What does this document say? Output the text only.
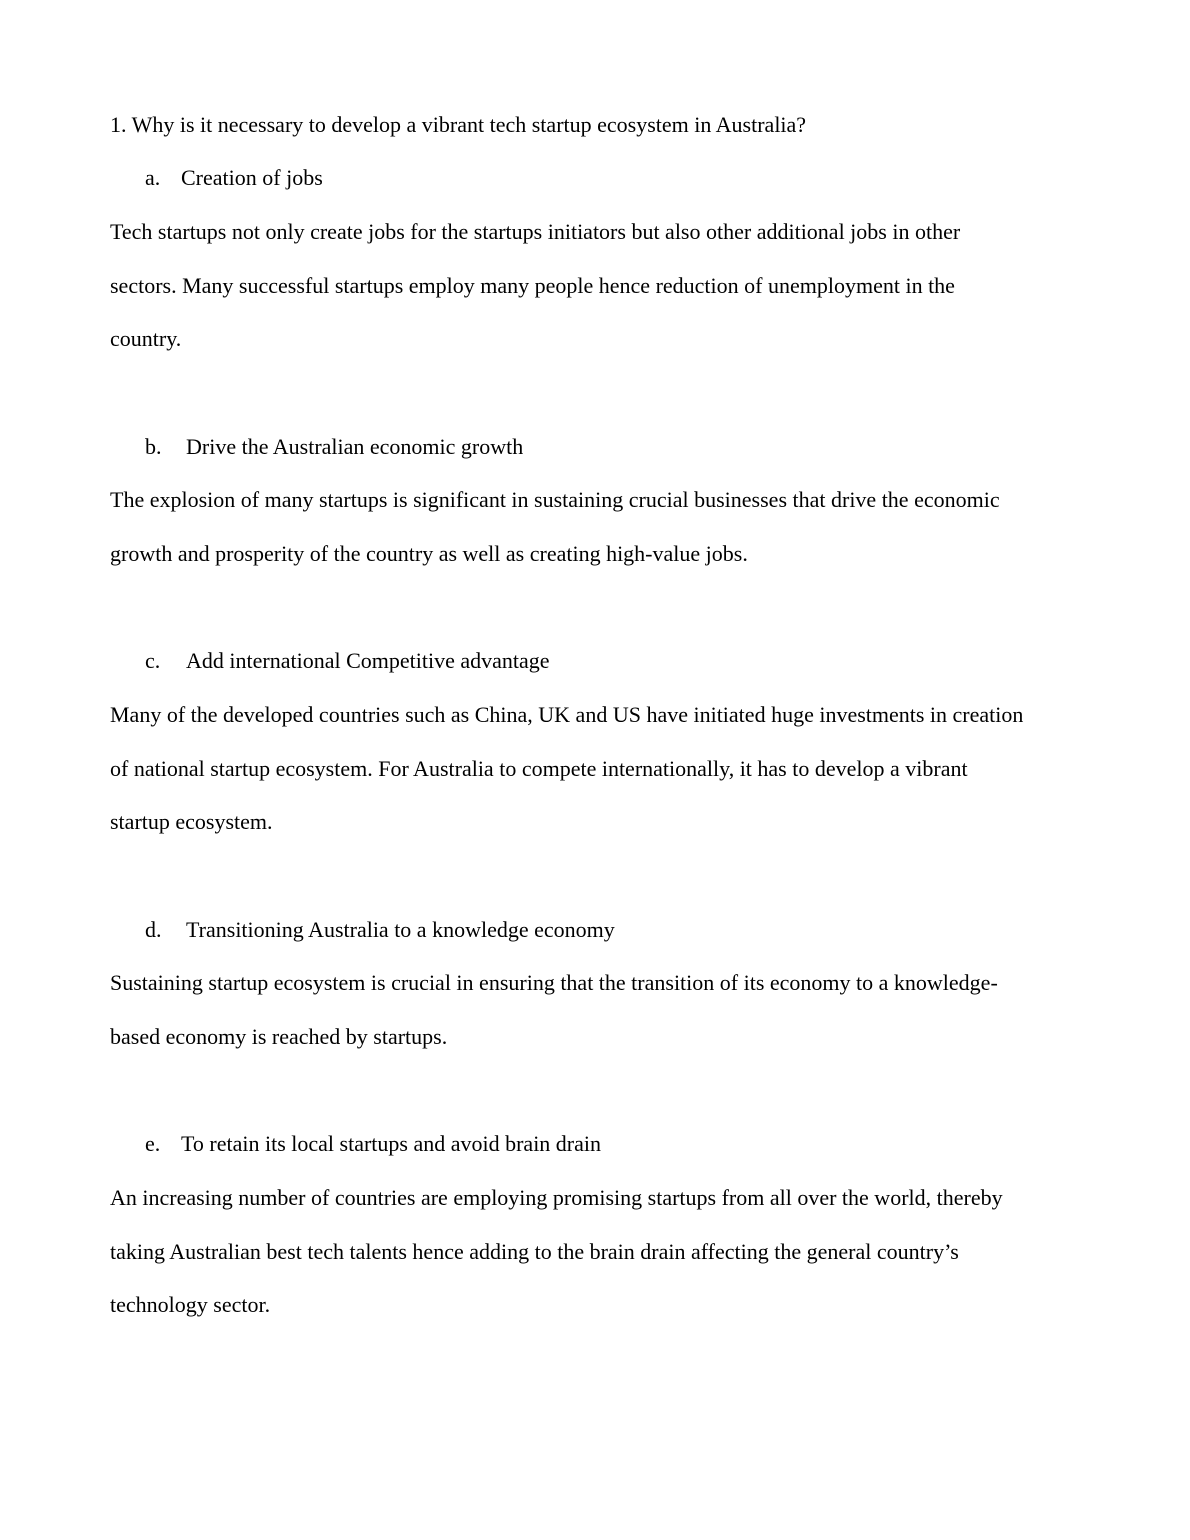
1. Why is it necessary to develop a vibrant tech startup ecosystem in Australia?
a. Creation of jobs
Tech startups not only create jobs for the startups initiators but also other additional jobs in other
sectors. Many successful startups employ many people hence reduction of unemployment in the
country.
b. Drive the Australian economic growth
The explosion of many startups is significant in sustaining crucial businesses that drive the economic
growth and prosperity of the country as well as creating high-value jobs.
c. Add international Competitive advantage
Many of the developed countries such as China, UK and US have initiated huge investments in creation
of national startup ecosystem. For Australia to compete internationally, it has to develop a vibrant
startup ecosystem.
d. Transitioning Australia to a knowledge economy
Sustaining startup ecosystem is crucial in ensuring that the transition of its economy to a knowledge-
based economy is reached by startups.
e. To retain its local startups and avoid brain drain
An increasing number of countries are employing promising startups from all over the world, thereby
taking Australian best tech talents hence adding to the brain drain affecting the general country’s
technology sector.
